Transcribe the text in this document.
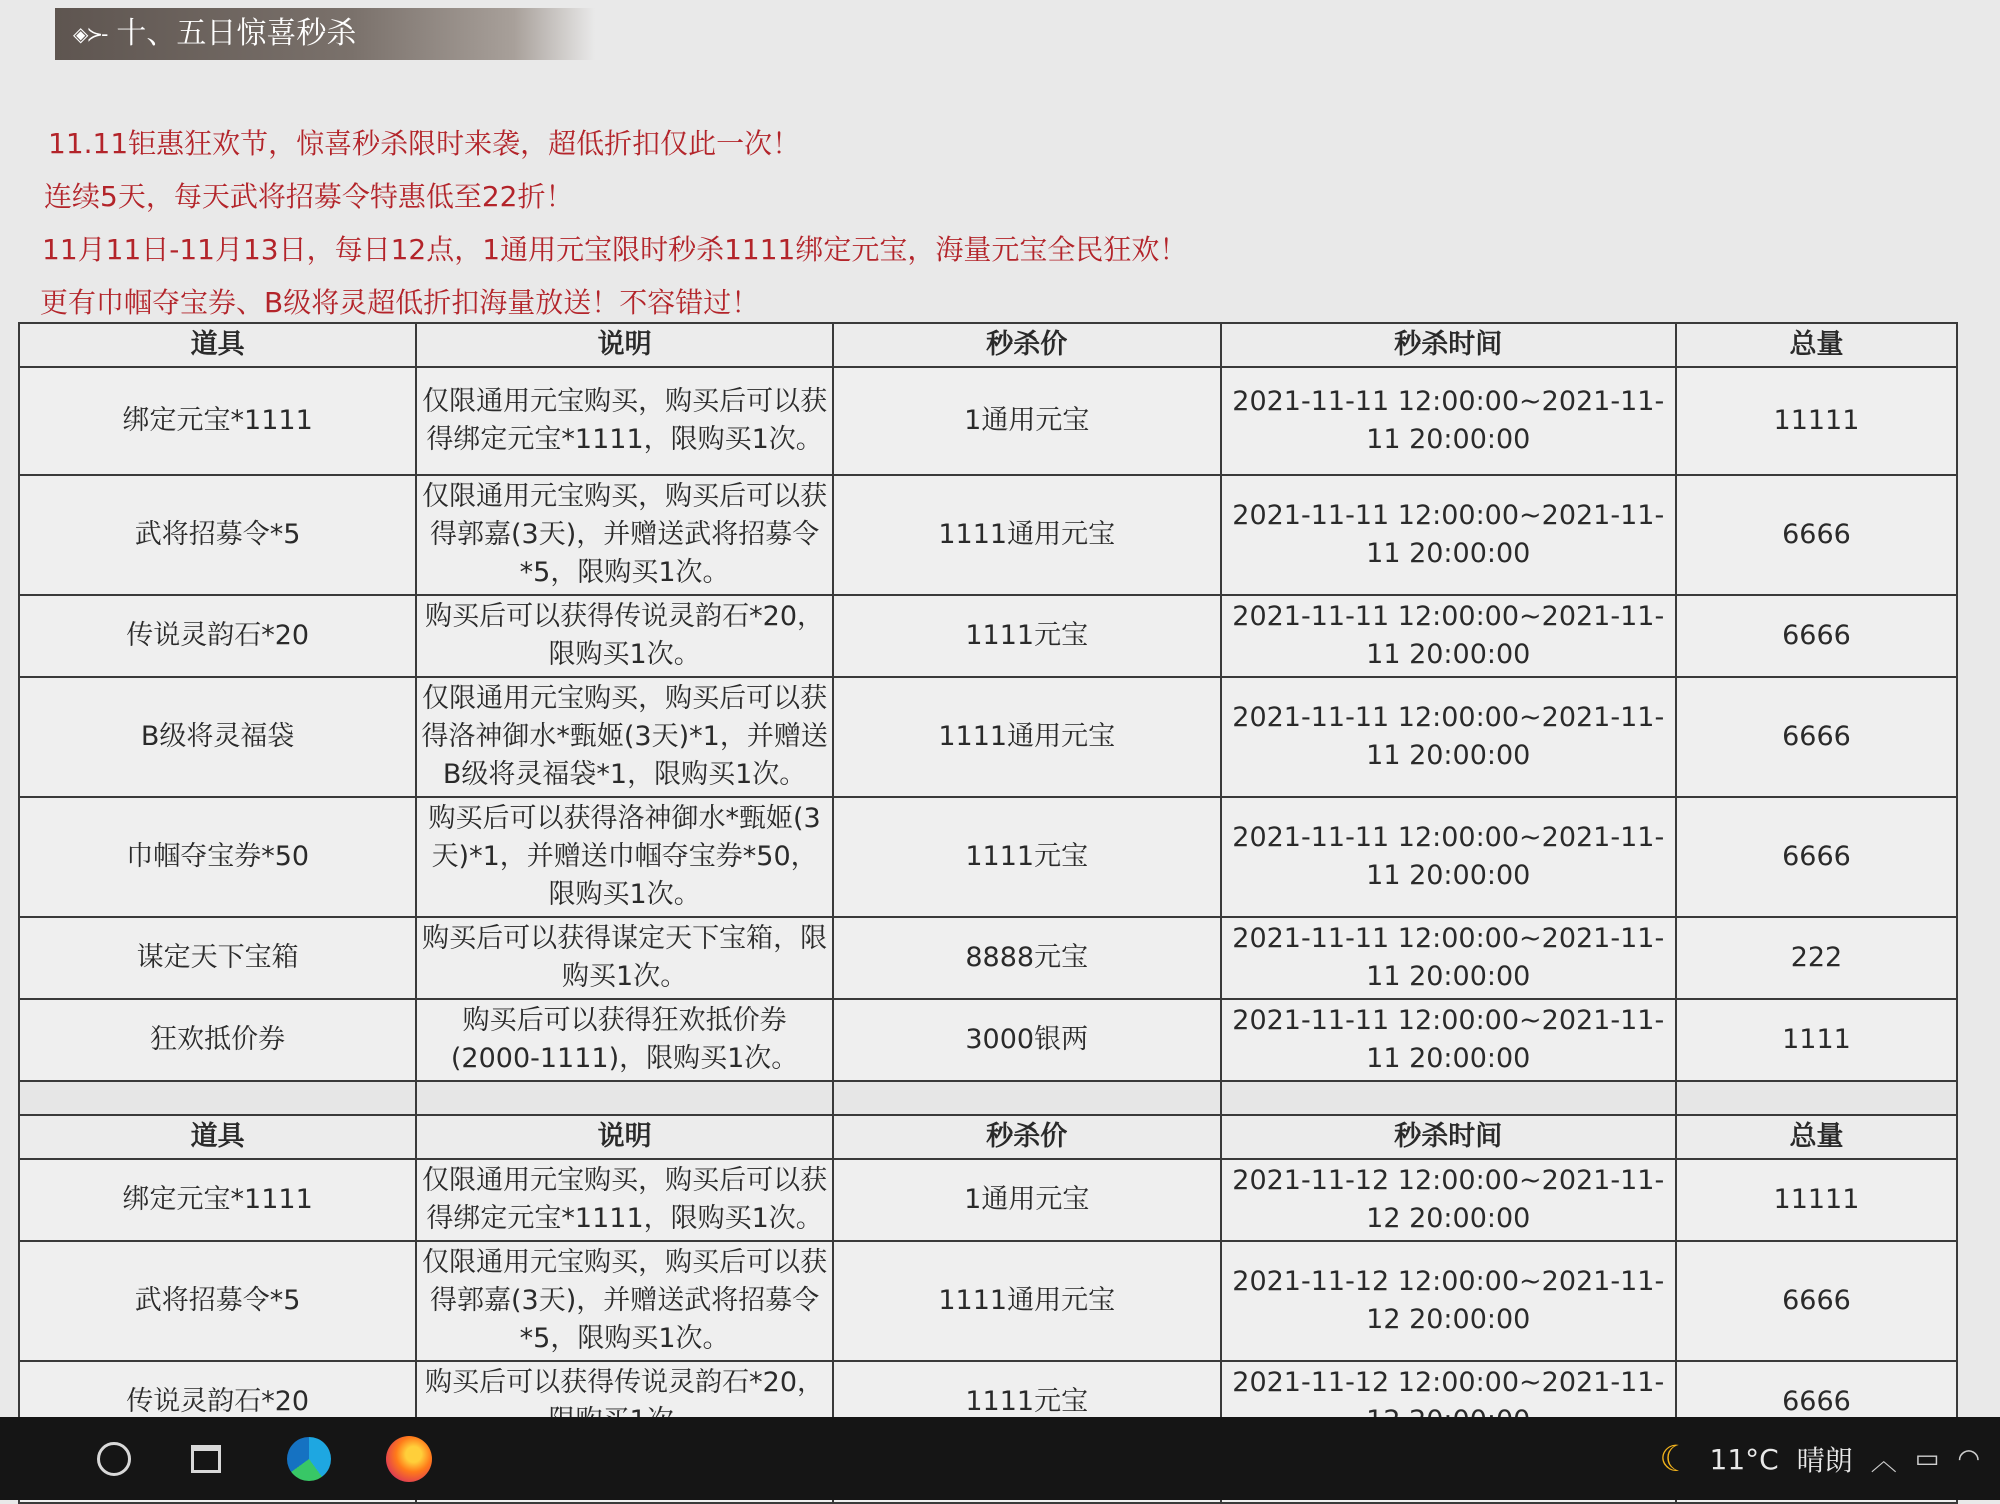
◈≻- 十、五日惊喜秒杀
11.11钜惠狂欢节，惊喜秒杀限时来袭，超低折扣仅此一次！
连续5天，每天武将招募令特惠低至22折！
11月11日-11月13日，每日12点，1通用元宝限时秒杀1111绑定元宝，海量元宝全民狂欢！
更有巾帼夺宝券、B级将灵超低折扣海量放送！不容错过！
道具	说明	秒杀价	秒杀时间	总量
绑定元宝*1111	仅限通用元宝购买，购买后可以获得绑定元宝*1111，限购买1次。	1通用元宝	2021-11-11 12:00:00~2021-11-11 20:00:00	11111
武将招募令*5	仅限通用元宝购买，购买后可以获得郭嘉(3天)，并赠送武将招募令*5，限购买1次。	1111通用元宝	2021-11-11 12:00:00~2021-11-11 20:00:00	6666
传说灵韵石*20	购买后可以获得传说灵韵石*20，限购买1次。	1111元宝	2021-11-11 12:00:00~2021-11-11 20:00:00	6666
B级将灵福袋	仅限通用元宝购买，购买后可以获得洛神御水*甄姬(3天)*1，并赠送B级将灵福袋*1，限购买1次。	1111通用元宝	2021-11-11 12:00:00~2021-11-11 20:00:00	6666
巾帼夺宝券*50	购买后可以获得洛神御水*甄姬(3天)*1，并赠送巾帼夺宝券*50，限购买1次。	1111元宝	2021-11-11 12:00:00~2021-11-11 20:00:00	6666
谋定天下宝箱	购买后可以获得谋定天下宝箱，限购买1次。	8888元宝	2021-11-11 12:00:00~2021-11-11 20:00:00	222
狂欢抵价券	购买后可以获得狂欢抵价券(2000-1111)，限购买1次。	3000银两	2021-11-11 12:00:00~2021-11-11 20:00:00	1111

道具	说明	秒杀价	秒杀时间	总量
绑定元宝*1111	仅限通用元宝购买，购买后可以获得绑定元宝*1111，限购买1次。	1通用元宝	2021-11-12 12:00:00~2021-11-12 20:00:00	11111
武将招募令*5	仅限通用元宝购买，购买后可以获得郭嘉(3天)，并赠送武将招募令*5，限购买1次。	1111通用元宝	2021-11-12 12:00:00~2021-11-12 20:00:00	6666
传说灵韵石*20	购买后可以获得传说灵韵石*20，	1111元宝	2021-11-12 12:00:00~2021-11-	6666

☾ 11°C 晴朗 ︿ ▭ ◠
